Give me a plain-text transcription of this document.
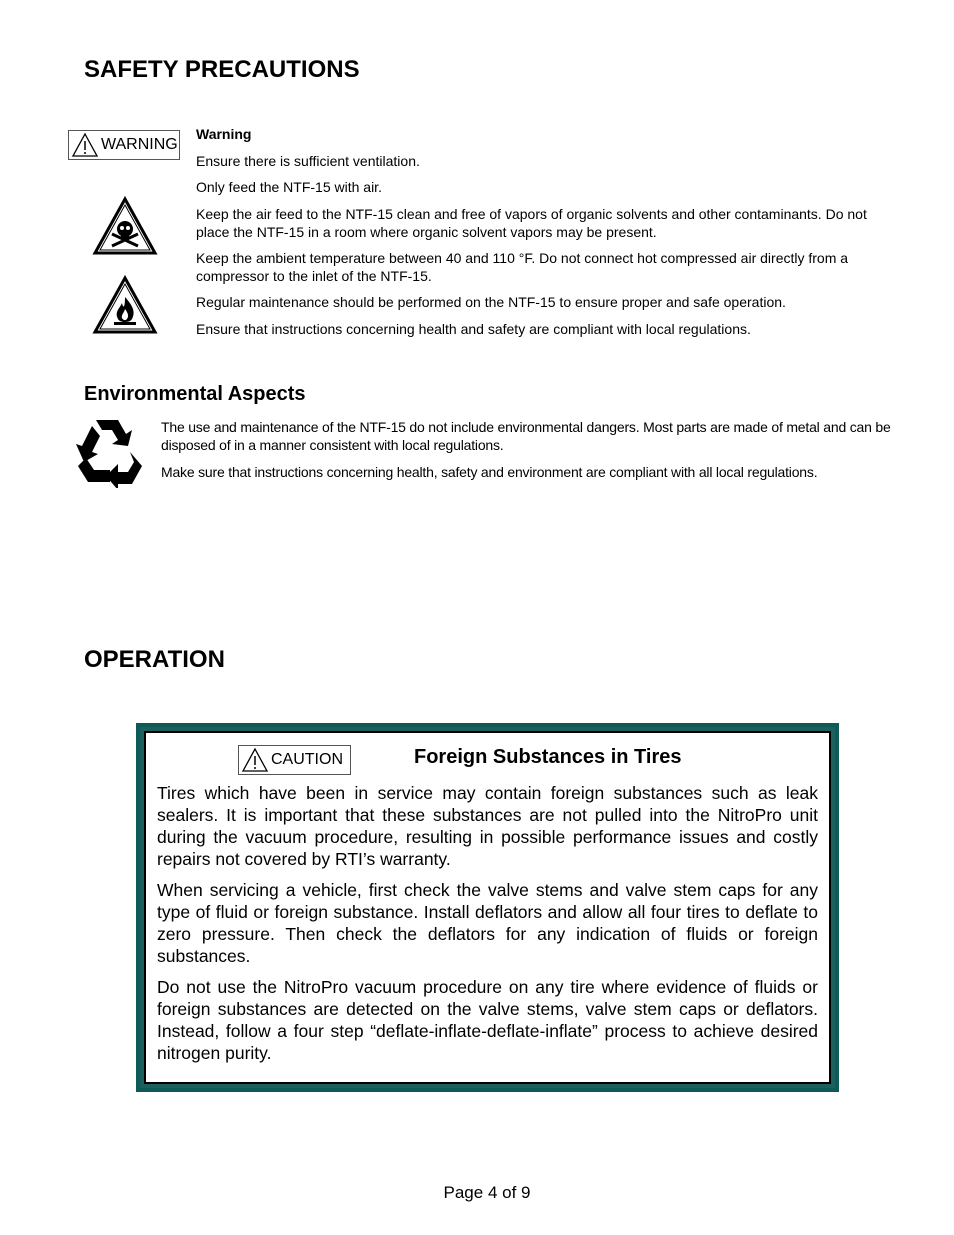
SAFETY PRECAUTIONS
WARNING
Warning
Ensure there is sufficient ventilation.
Only feed the NTF-15 with air.
Keep the air feed to the NTF-15 clean and free of vapors of organic solvents and other contaminants. Do not place the NTF-15 in a room where organic solvent vapors may be present.
Keep the ambient temperature between 40 and 110 °F. Do not connect hot compressed air directly from a compressor to the inlet of the NTF-15.
Regular maintenance should be performed on the NTF-15 to ensure proper and safe operation.
Ensure that instructions concerning health and safety are compliant with local regulations.
Environmental Aspects
The use and maintenance of the NTF-15 do not include environmental dangers. Most parts are made of metal and can be disposed of in a manner consistent with local regulations.
Make sure that instructions concerning health, safety and environment are compliant with all local regulations.
OPERATION
CAUTION	Foreign Substances in Tires
Tires which have been in service may contain foreign substances such as leak sealers. It is important that these substances are not pulled into the NitroPro unit during the vacuum procedure, resulting in possible performance issues and costly repairs not covered by RTI’s warranty.
When servicing a vehicle, first check the valve stems and valve stem caps for any type of fluid or foreign substance. Install deflators and allow all four tires to deflate to zero pressure. Then check the deflators for any indication of fluids or foreign substances.
Do not use the NitroPro vacuum procedure on any tire where evidence of fluids or foreign substances are detected on the valve stems, valve stem caps or deflators. Instead, follow a four step “deflate-inflate-deflate-inflate” process to achieve desired nitrogen purity.
Page 4 of 9
